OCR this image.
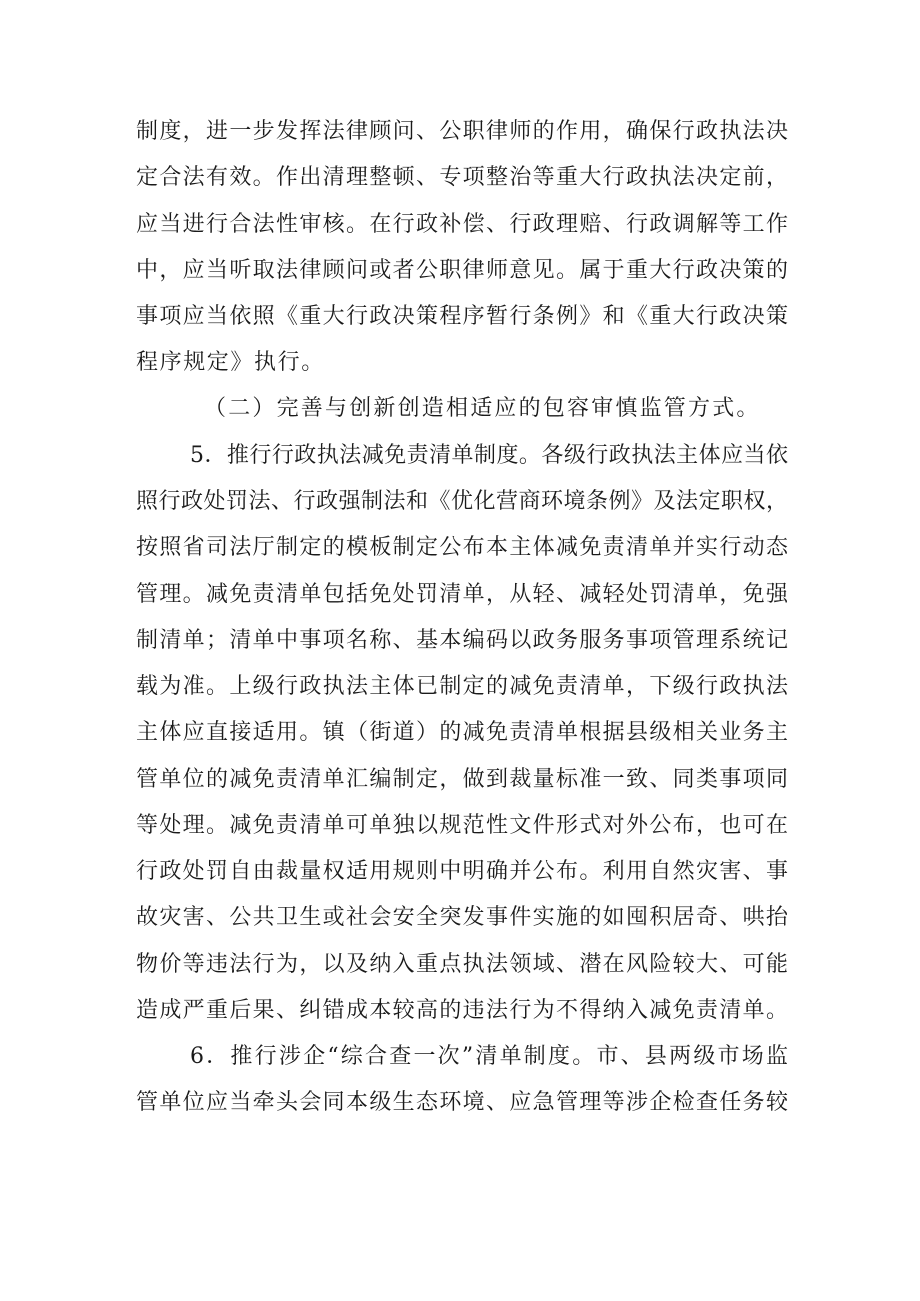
制度，进一步发挥法律顾问、公职律师的作用，确保行政执法决
定合法有效。作出清理整顿、专项整治等重大行政执法决定前，
应当进行合法性审核。在行政补偿、行政理赔、行政调解等工作
中，应当听取法律顾问或者公职律师意见。属于重大行政决策的
事项应当依照《重大行政决策程序暂行条例》和《重大行政决策
程序规定》执行。
（二）完善与创新创造相适应的包容审慎监管方式。
5．推行行政执法减免责清单制度。各级行政执法主体应当依
照行政处罚法、行政强制法和《优化营商环境条例》及法定职权，
按照省司法厅制定的模板制定公布本主体减免责清单并实行动态
管理。减免责清单包括免处罚清单，从轻、减轻处罚清单，免强
制清单；清单中事项名称、基本编码以政务服务事项管理系统记
载为准。上级行政执法主体已制定的减免责清单，下级行政执法
主体应直接适用。镇（街道）的减免责清单根据县级相关业务主
管单位的减免责清单汇编制定，做到裁量标准一致、同类事项同
等处理。减免责清单可单独以规范性文件形式对外公布，也可在
行政处罚自由裁量权适用规则中明确并公布。利用自然灾害、事
故灾害、公共卫生或社会安全突发事件实施的如囤积居奇、哄抬
物价等违法行为，以及纳入重点执法领域、潜在风险较大、可能
造成严重后果、纠错成本较高的违法行为不得纳入减免责清单。
6．推行涉企“综合查一次”清单制度。市、县两级市场监
管单位应当牵头会同本级生态环境、应急管理等涉企检查任务较
